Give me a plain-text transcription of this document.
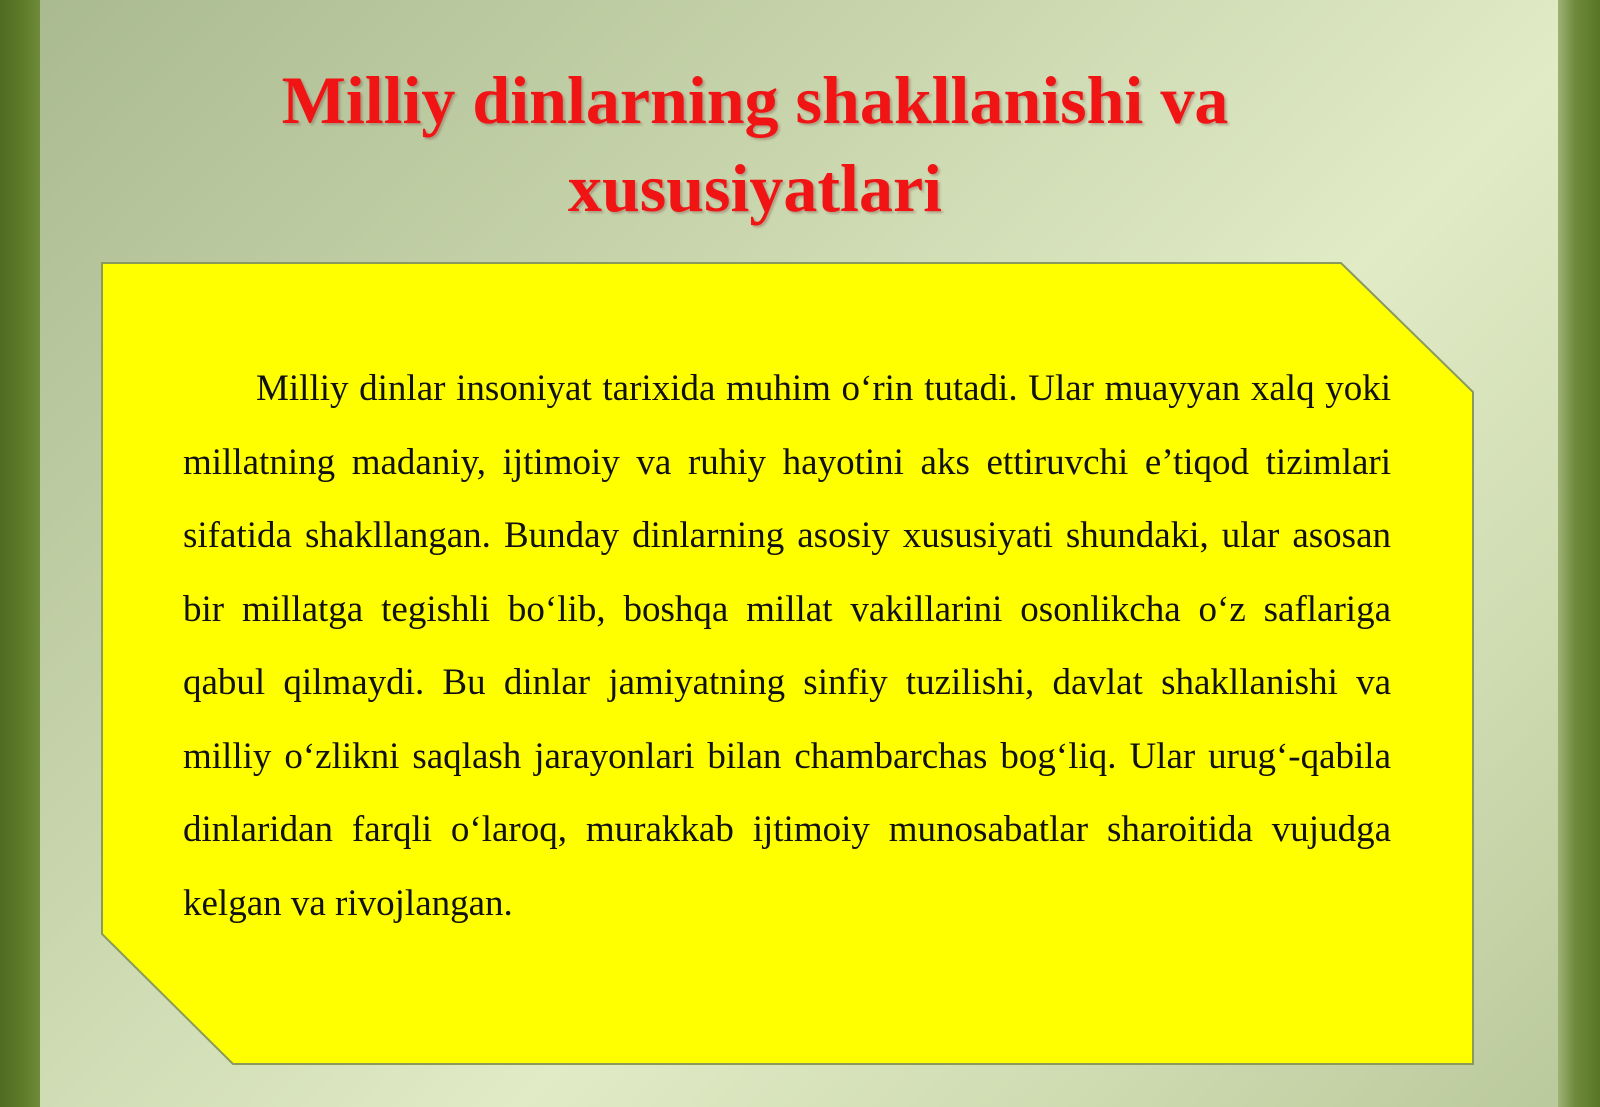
Milliy dinlarning shakllanishi va xususiyatlari

Milliy dinlar insoniyat tarixida muhim o‘rin tutadi. Ular muayyan xalq yoki millatning madaniy, ijtimoiy va ruhiy hayotini aks ettiruvchi e’tiqod tizimlari sifatida shakllangan. Bunday dinlarning asosiy xususiyati shundaki, ular asosan bir millatga tegishli bo‘lib, boshqa millat vakillarini osonlikcha o‘z saflariga qabul qilmaydi. Bu dinlar jamiyatning sinfiy tuzilishi, davlat shakllanishi va milliy o‘zlikni saqlash jarayonlari bilan chambarchas bog‘liq. Ular urug‘-qabila dinlaridan farqli o‘laroq, murakkab ijtimoiy munosabatlar sharoitida vujudga kelgan va rivojlangan.
